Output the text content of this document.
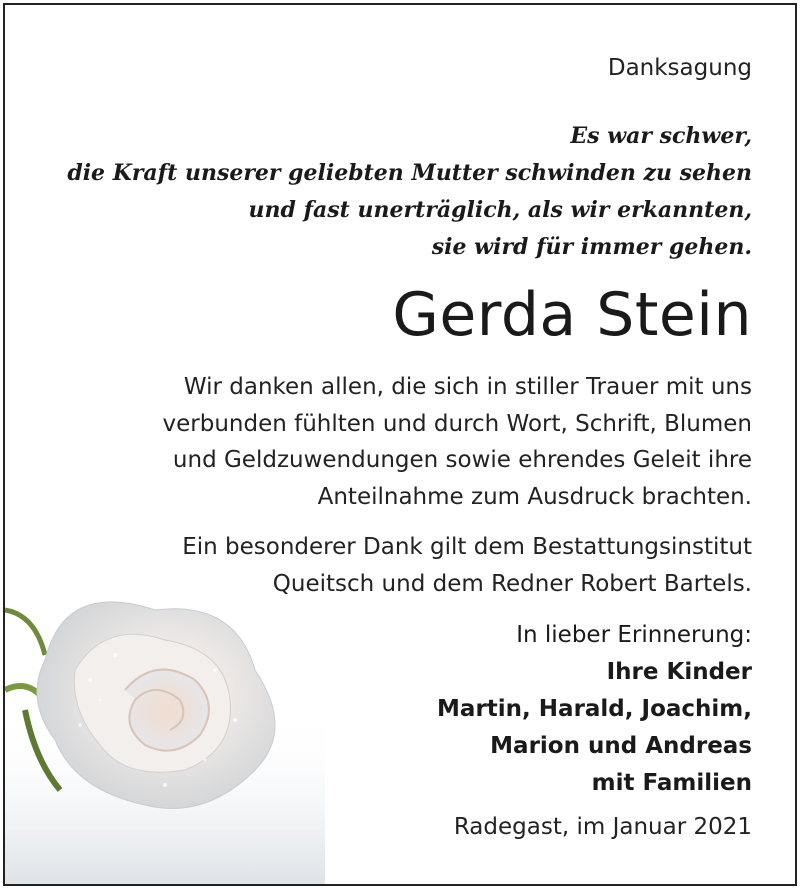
Danksagung
Es war schwer,
die Kraft unserer geliebten Mutter schwinden zu sehen
und fast unerträglich, als wir erkannten,
sie wird für immer gehen.
Gerda Stein
Wir danken allen, die sich in stiller Trauer mit uns
verbunden fühlten und durch Wort, Schrift, Blumen
und Geldzuwendungen sowie ehrendes Geleit ihre
Anteilnahme zum Ausdruck brachten.
Ein besonderer Dank gilt dem Bestattungsinstitut
Queitsch und dem Redner Robert Bartels.
In lieber Erinnerung:
Ihre Kinder
Martin, Harald, Joachim,
Marion und Andreas
mit Familien
Radegast, im Januar 2021
